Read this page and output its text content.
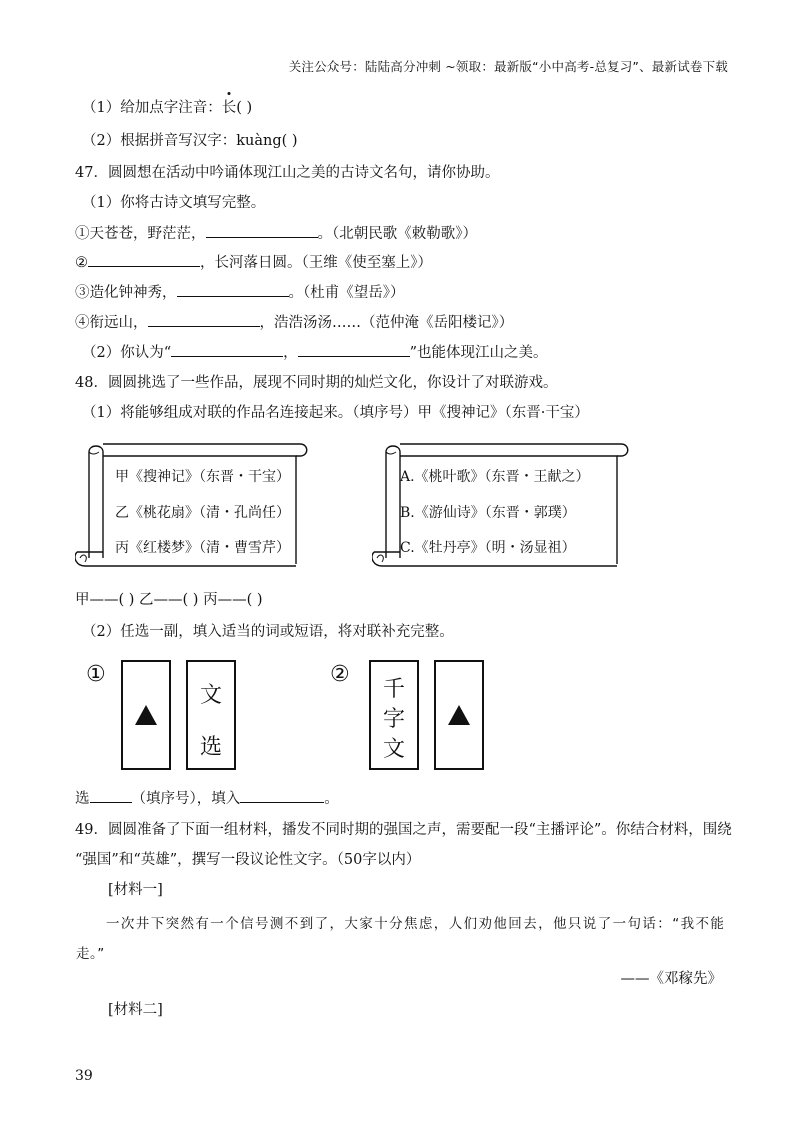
关注公众号：陆陆高分冲刺 ~领取：最新版“小中高考-总复习”、最新试卷下载
（1）给加点字注音：
长( )
（2）根据拼音写汉字：kuàng( )
47．圆圆想在活动中吟诵体现江山之美的古诗文名句，请你协助。
（1）你将古诗文填写完整。
①天苍苍，野茫茫，	。（北朝民歌《敕勒歌》）
②	，长河落日圆。（王维《使至塞上》）
③造化钟神秀，	。（杜甫《望岳》）
④衔远山，	，浩浩汤汤……（范仲淹《岳阳楼记》）
（2）你认为“	，	”也能体现江山之美。
48．圆圆挑选了一些作品，展现不同时期的灿烂文化，你设计了对联游戏。
（1）将能够组成对联的作品名连接起来。（填序号）甲《搜神记》（东晋·干宝）
甲《搜神记》（东晋・干宝）
乙《桃花扇》（清・孔尚任）
丙《红楼梦》（清・曹雪芹）
A.《桃叶歌》（东晋・王献之）
B.《游仙诗》（东晋・郭璞）
C.《牡丹亭》（明・汤显祖）
甲——( ) 乙——( ) 丙——( )
（2）任选一副，填入适当的词或短语，将对联补充完整。
①
文
选
②
千
字
文
选	（填序号），填入	。
49．圆圆准备了下面一组材料，播发不同时期的强国之声，需要配一段“主播评论”。你结合材料，围绕
“强国”和“英雄”，撰写一段议论性文字。（50字以内）
[材料一]
一次井下突然有一个信号测不到了，大家十分焦虑，人们劝他回去，他只说了一句话：“我不能
走。”
——《邓稼先》
[材料二]
39
